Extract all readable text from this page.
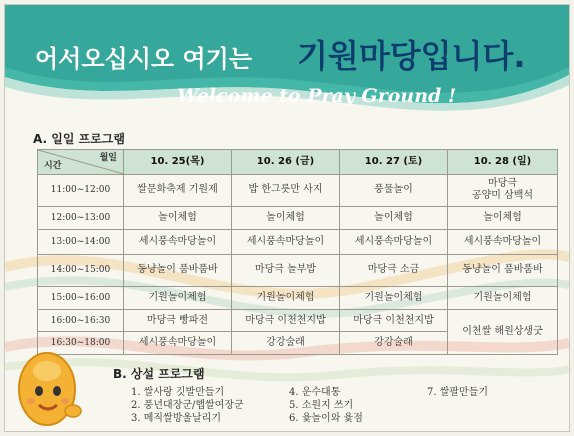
어서오십시오 여기는 기원마당입니다.
Welcome to Pray Ground !
A. 일일 프로그램
월일
시간	10. 25(목)	10. 26 (금)	10. 27 (토)	10. 28 (일)
11:00~12:00	쌀문화축제 기원제	밥 한그릇만 사지	풍물놀이	마당극
공양미 삼백석
12:00~13:00	놀이체험	놀이체험	놀이체험	놀이체험
13:00~14:00	세시풍속마당놀이	세시풍속마당놀이	세시풍속마당놀이	세시풍속마당놀이
14:00~15:00	동냥놀이 품바품바	마당극 놀부밥	마당극 소금	동냥놀이 품바품바
15:00~16:00	기원놀이체험	기원놀이체험	기원놀이체험	기원놀이체험
16:00~16:30	마당극 빵파전	마당극 이천천지밥	마당극 이천천지밥	이천쌀 해원상생굿
16:30~18:00	세시풍속마당놀이	강강술래	강강술래	
B. 상설 프로그램
1. 쌀사랑 깃발만들기
2. 풍년대장군/햅쌀여장군
3. 메직쌀방울날리기
4. 운수대통
5. 소원지 쓰기
6. 윷놀이와 윷점
7. 쌀팔만들기
